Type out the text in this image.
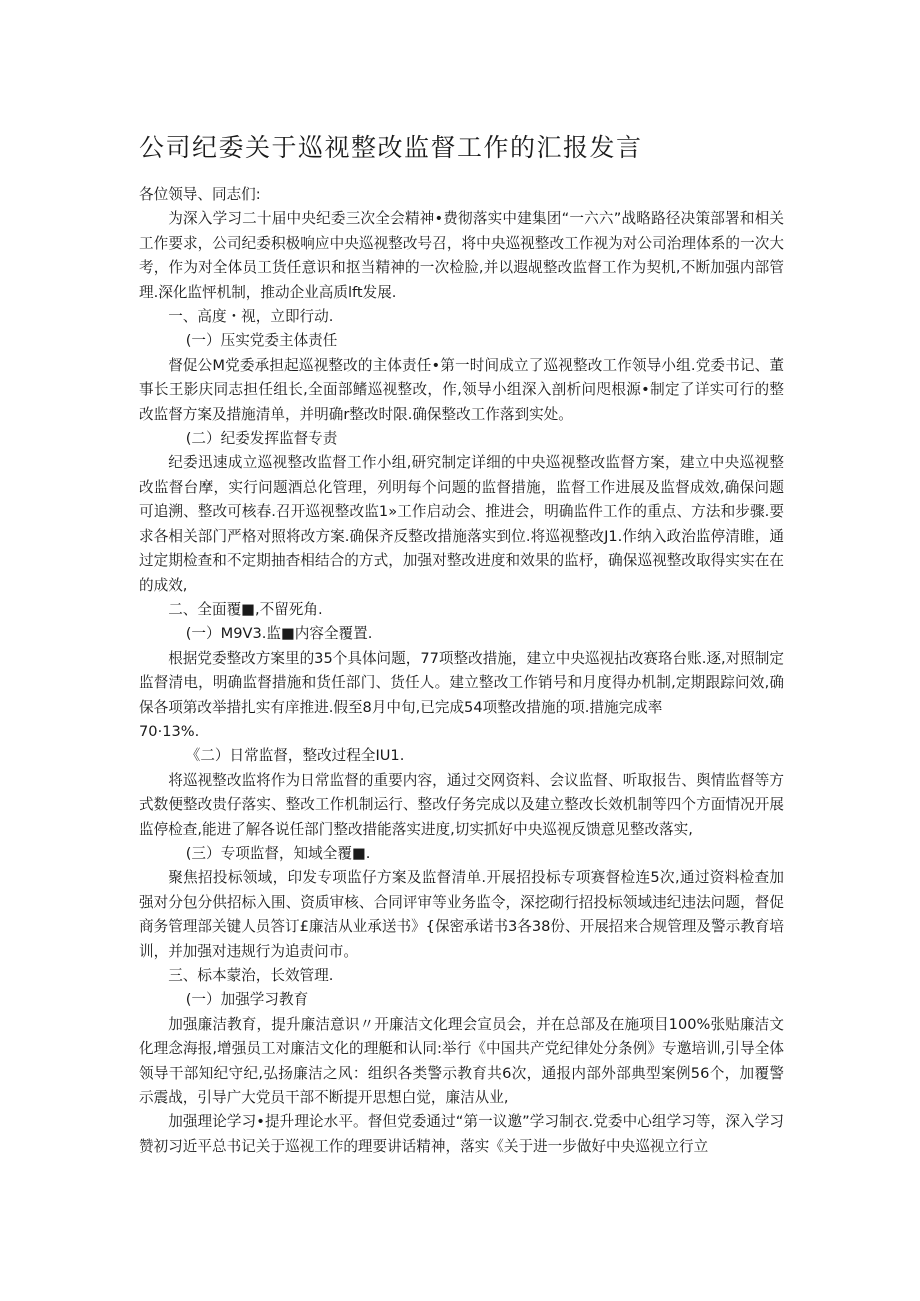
公司纪委关于巡视整改监督工作的汇报发言

各位领导、同志们:

为深入学习二十届中央纪委三次全会精神•费彻落实中建集团“一六六”战略路径决策部署和相关工作要求，公司纪委积极响应中央巡视整改号召，将中央巡视整改工作视为对公司治理体系的一次大考，作为对全体员工货任意识和抠当精神的一次检脸,并以遐觇整改监督工作为契机,不断加强内部管理.深化监怦机制，推动企业高质lft发展.

一、高度・视，立即行动.

(一）压实党委主体责任

督促公M党委承担起巡视整改的主体责任•第一时间成立了巡视整改工作领导小组.党委书记、董事长王影庆同志担任组长,全面部鳍巡视整改，作,领导小组深入剖析问咫根源•制定了详实可行的整改监督方案及措施清单，并明确r整改时限.确保整改工作落到实处。

(二）纪委发挥监督专责

纪委迅速成立巡视整改监督工作小组,研究制定详细的中央巡视整改监督方案，建立中央巡视整改监督台摩，实行问题酒总化管理，列明每个问题的监督措施，监督工作进展及监督成效,确保问题可追溯、整改可核春.召开巡视整改监1»工作启动会、推进会，明确监件工作的重点、方法和步骤.要求各相关部门严格对照将改方案.确保齐反整改措施落实到位.将巡视整改J1.作纳入政治监停清睢，通过定期检查和不定期抽杳相结合的方式，加强对整改进度和效果的监杼，确保巡视整改取得实实在在的成效,

二、全面覆■,不留死角.

(一）M9V3.监■内容全覆置.

根据党委整改方案里的35个具体问题，77项整改措施，建立中央巡视拈改赛珞台账.逐,对照制定监督清电，明确监督措施和货任部门、货任人。建立整改工作销号和月度得办机制,定期跟踪问效,确保各项第改举措扎实有庠推进.假至8月中旬,已完成54项整改措施的项.措施完成率

70·13%.

《二）日常监督，整改过程全IU1.

将巡视整改监将作为日常监督的重要内容，通过交网资料、会议监督、听取报告、舆情监督等方式数便整改贵仔落实、整改工作机制运行、整改仔务完成以及建立整改长效机制等四个方面情况开展监停检查,能进了解各说任部门整改措能落实进度,切实抓好中央巡视反馈意见整改落实,

(三）专项监督，知域全覆■.

聚焦招投标领域，印发专项监仔方案及监督清单.开展招投标专项赛督检连5次,通过资料检查加强对分包分供招标入围、资质审核、合同评审等业务监令，深挖砌行招投标领域违纪违法问题，督促商务管理部关键人员答订£廉洁从业承送书》{保密承诺书3各38份、开展招来合规管理及警示教育培训，并加强对违规行为追责问市。

三、标本蒙治，长效管理.

(一）加强学习教育

加强廉洁教育，提升廉洁意识〃开廉洁文化理会宣员会，并在总部及在施项目100%张贴廉洁文化理念海报,增强员工对廉洁文化的理艇和认同:举行《中国共产党纪律处分条例》专邀培训,引导全体领导干部知纪守纪,弘扬廉洁之风：组织各类警示教育共6次，通报内部外部典型案例56个，加覆警示震战，引导广大党员干部不断提开思想白觉，廉洁从业,

加强理论学习•提升理论水平。督但党委通过“第一议邀”学习制衣.党委中心组学习等，深入学习赞初习近平总书记关于巡视工作的理要讲话精神，落实《关于进一步做好中央巡视立行立
